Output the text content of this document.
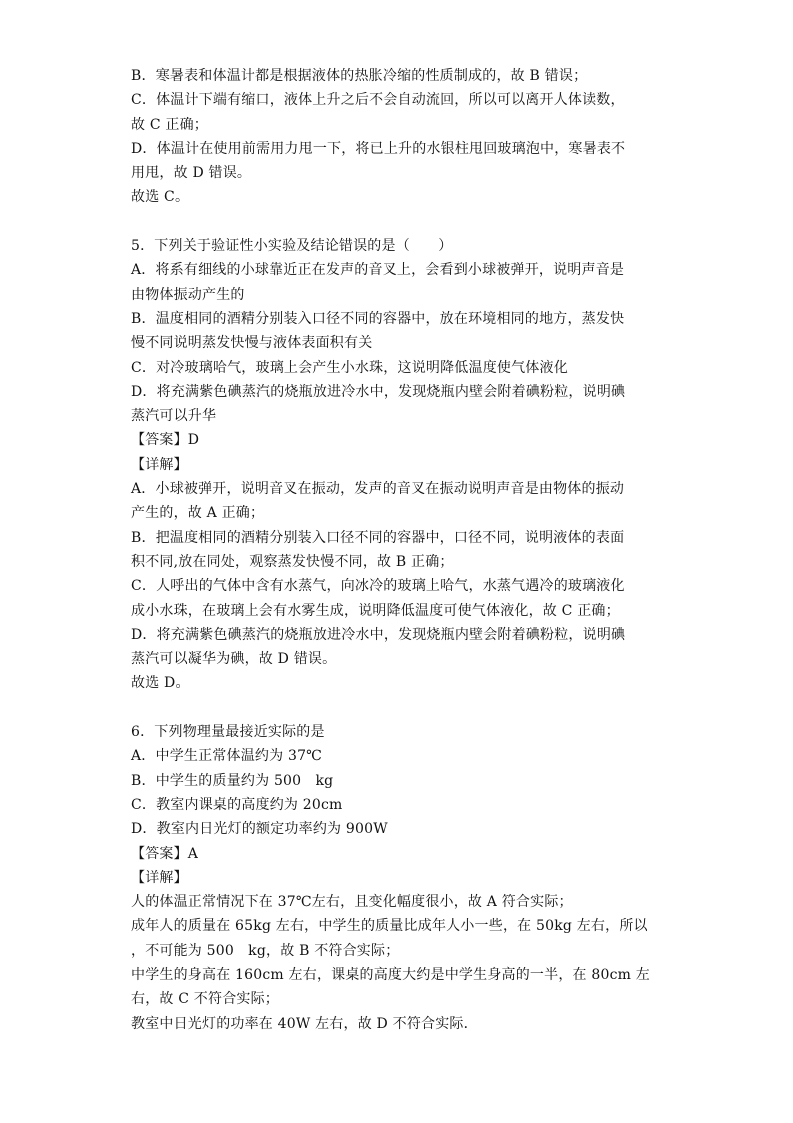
B．寒暑表和体温计都是根据液体的热胀冷缩的性质制成的，故 B 错误；
C．体温计下端有缩口，液体上升之后不会自动流回，所以可以离开人体读数，
故 C 正确；
D．体温计在使用前需用力甩一下，将已上升的水银柱甩回玻璃泡中，寒暑表不
用甩，故 D 错误。
故选 C。
5．下列关于验证性小实验及结论错误的是（　　）
A．将系有细线的小球靠近正在发声的音叉上，会看到小球被弹开，说明声音是
由物体振动产生的
B．温度相同的酒精分别装入口径不同的容器中，放在环境相同的地方，蒸发快
慢不同说明蒸发快慢与液体表面积有关
C．对冷玻璃哈气，玻璃上会产生小水珠，这说明降低温度使气体液化
D．将充满紫色碘蒸汽的烧瓶放进冷水中，发现烧瓶内壁会附着碘粉粒，说明碘
蒸汽可以升华
【答案】D
【详解】
A．小球被弹开，说明音叉在振动，发声的音叉在振动说明声音是由物体的振动
产生的，故 A 正确；
B．把温度相同的酒精分别装入口径不同的容器中，口径不同，说明液体的表面
积不同,放在同处，观察蒸发快慢不同，故 B 正确；
C．人呼出的气体中含有水蒸气，向冰冷的玻璃上哈气，水蒸气遇冷的玻璃液化
成小水珠，在玻璃上会有水雾生成，说明降低温度可使气体液化，故 C 正确；
D．将充满紫色碘蒸汽的烧瓶放进冷水中，发现烧瓶内壁会附着碘粉粒，说明碘
蒸汽可以凝华为碘，故 D 错误。
故选 D。
6．下列物理量最接近实际的是
A．中学生正常体温约为 37℃
B．中学生的质量约为 500　kg
C．教室内课桌的高度约为 20cm
D．教室内日光灯的额定功率约为 900W
【答案】A
【详解】
人的体温正常情况下在 37℃左右，且变化幅度很小，故 A 符合实际；
成年人的质量在 65kg 左右，中学生的质量比成年人小一些，在 50kg 左右，所以
，不可能为 500　kg，故 B 不符合实际；
中学生的身高在 160cm 左右，课桌的高度大约是中学生身高的一半，在 80cm 左
右，故 C 不符合实际；
教室中日光灯的功率在 40W 左右，故 D 不符合实际．
